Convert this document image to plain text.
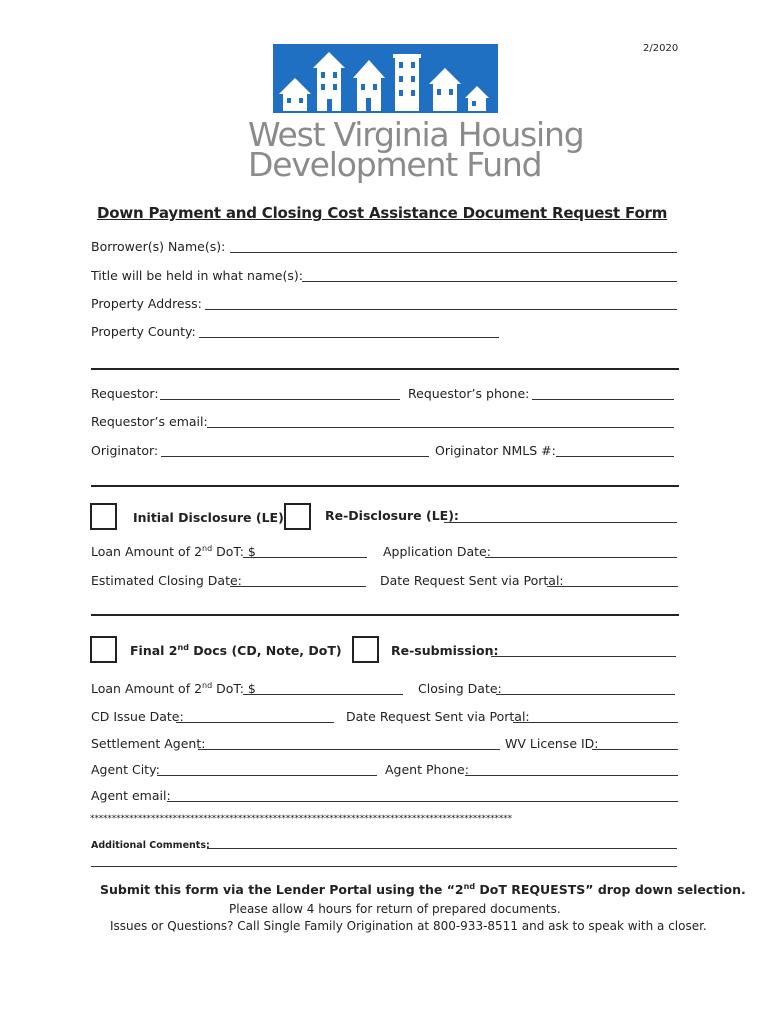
2/2020
West Virginia Housing
Development Fund
Down Payment and Closing Cost Assistance Document Request Form
Borrower(s) Name(s):
Title will be held in what name(s):
Property Address:
Property County:
Requestor:	Requestor’s phone:
Requestor’s email:
Originator:	Originator NMLS #:
Initial Disclosure (LE)	Re-Disclosure (LE):
Loan Amount of 2nd DoT: $	Application Date:
Estimated Closing Date:	Date Request Sent via Portal:
Final 2nd Docs (CD, Note, DoT)	Re-submission:
Loan Amount of 2nd DoT: $	Closing Date:
CD Issue Date:	Date Request Sent via Portal:
Settlement Agent:	WV License ID:
Agent City:	Agent Phone:
Agent email:
*************************************************************************************************
Additional Comments:
Submit this form via the Lender Portal using the “2nd DoT REQUESTS” drop down selection.
Please allow 4 hours for return of prepared documents.
Issues or Questions? Call Single Family Origination at 800-933-8511 and ask to speak with a closer.
